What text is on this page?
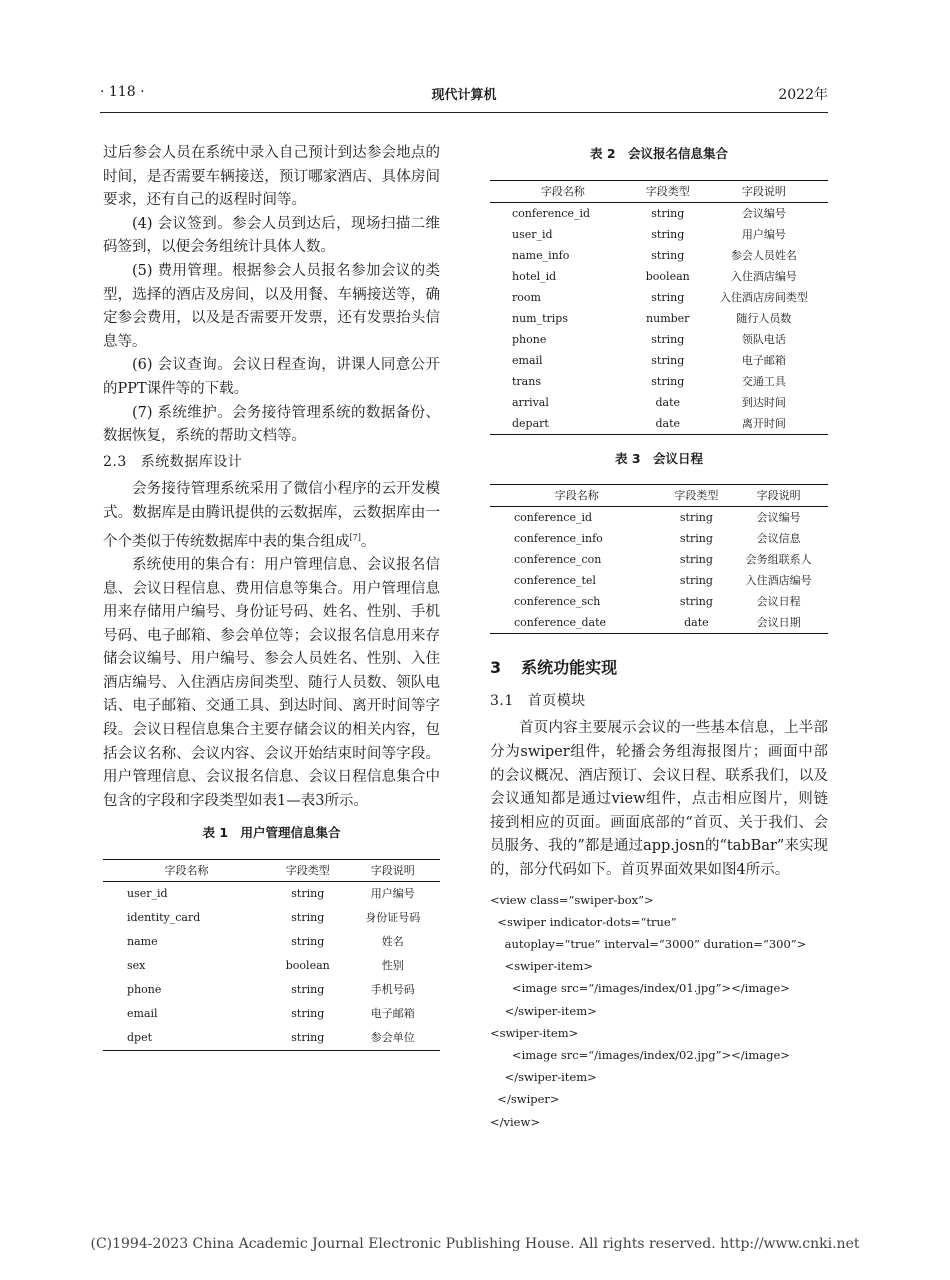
· 118 ·	现代计算机	2022年

过后参会人员在系统中录入自己预计到达参会地点的时间，是否需要车辆接送，预订哪家酒店、具体房间要求，还有自己的返程时间等。

(4) 会议签到。参会人员到达后，现场扫描二维码签到，以便会务组统计具体人数。

(5) 费用管理。根据参会人员报名参加会议的类型，选择的酒店及房间，以及用餐、车辆接送等，确定参会费用，以及是否需要开发票，还有发票抬头信息等。

(6) 会议查询。会议日程查询，讲课人同意公开的PPT课件等的下载。

(7) 系统维护。会务接待管理系统的数据备份、数据恢复，系统的帮助文档等。

2.3 系统数据库设计

会务接待管理系统采用了微信小程序的云开发模式。数据库是由腾讯提供的云数据库，云数据库由一个个类似于传统数据库中表的集合组成[7]。

系统使用的集合有：用户管理信息、会议报名信息、会议日程信息、费用信息等集合。用户管理信息用来存储用户编号、身份证号码、姓名、性别、手机号码、电子邮箱、参会单位等；会议报名信息用来存储会议编号、用户编号、参会人员姓名、性别、入住酒店编号、入住酒店房间类型、随行人员数、领队电话、电子邮箱、交通工具、到达时间、离开时间等字段。会议日程信息集合主要存储会议的相关内容，包括会议名称、会议内容、会议开始结束时间等字段。用户管理信息、会议报名信息、会议日程信息集合中包含的字段和字段类型如表1—表3所示。

表 1　用户管理信息集合
字段名称	字段类型	字段说明
user_id	string	用户编号
identity_card	string	身份证号码
name	string	姓名
sex	boolean	性别
phone	string	手机号码
email	string	电子邮箱
dpet	string	参会单位
表 2　会议报名信息集合
字段名称	字段类型	字段说明
conference_id	string	会议编号
user_id	string	用户编号
name_info	string	参会人员姓名
hotel_id	boolean	入住酒店编号
room	string	入住酒店房间类型
num_trips	number	随行人员数
phone	string	领队电话
email	string	电子邮箱
trans	string	交通工具
arrival	date	到达时间
depart	date	离开时间
表 3　会议日程
字段名称	字段类型	字段说明
conference_id	string	会议编号
conference_info	string	会议信息
conference_con	string	会务组联系人
conference_tel	string	入住酒店编号
conference_sch	string	会议日程
conference_date	date	会议日期
3 系统功能实现
3.1 首页模块

首页内容主要展示会议的一些基本信息，上半部分为swiper组件，轮播会务组海报图片；画面中部的会议概况、酒店预订、会议日程、联系我们，以及会议通知都是通过view组件，点击相应图片，则链接到相应的页面。画面底部的“首页、关于我们、会员服务、我的”都是通过app.josn的“tabBar”来实现的，部分代码如下。首页界面效果如图4所示。

<view class=“swiper-box”>
<swiper indicator-dots=“true”
autoplay=“true” interval=“3000” duration=“300”>
<swiper-item>
<image src=“/images/index/01.jpg”></image>
</swiper-item>
<swiper-item>
<image src=“/images/index/02.jpg”></image>
</swiper-item>
</swiper>
</view>
(C)1994-2023 China Academic Journal Electronic Publishing House. All rights reserved. http://www.cnki.net
